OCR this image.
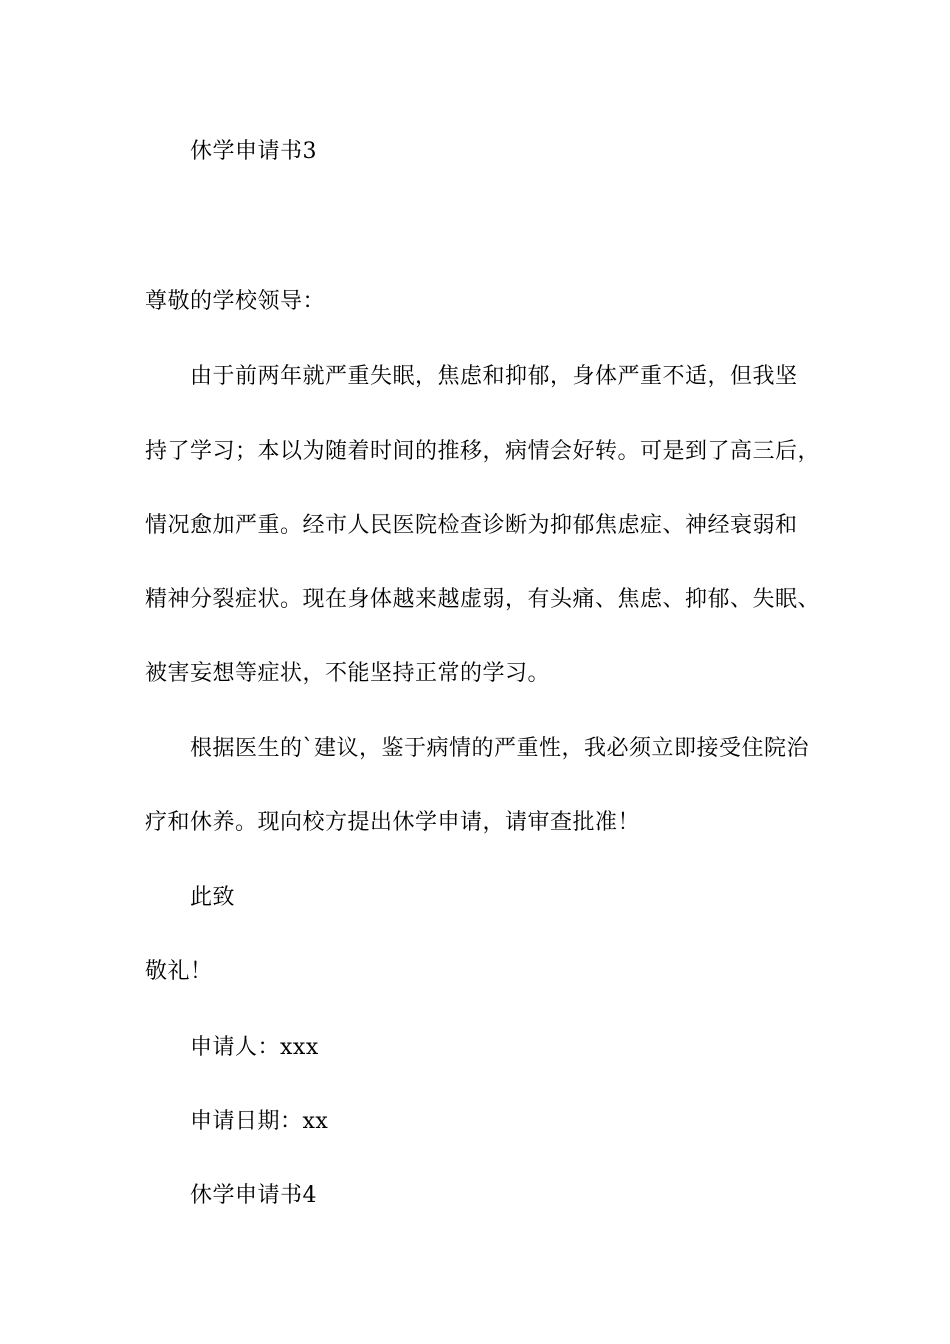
休学申请书3
尊敬的学校领导：
由于前两年就严重失眠，焦虑和抑郁，身体严重不适，但我坚
持了学习；本以为随着时间的推移，病情会好转。可是到了高三后，
情况愈加严重。经市人民医院检查诊断为抑郁焦虑症、神经衰弱和
精神分裂症状。现在身体越来越虚弱，有头痛、焦虑、抑郁、失眠、
被害妄想等症状，不能坚持正常的学习。
根据医生的`建议，鉴于病情的严重性，我必须立即接受住院治
疗和休养。现向校方提出休学申请，请审查批准！
此致
敬礼！
申请人：xxx
申请日期：xx
休学申请书4
